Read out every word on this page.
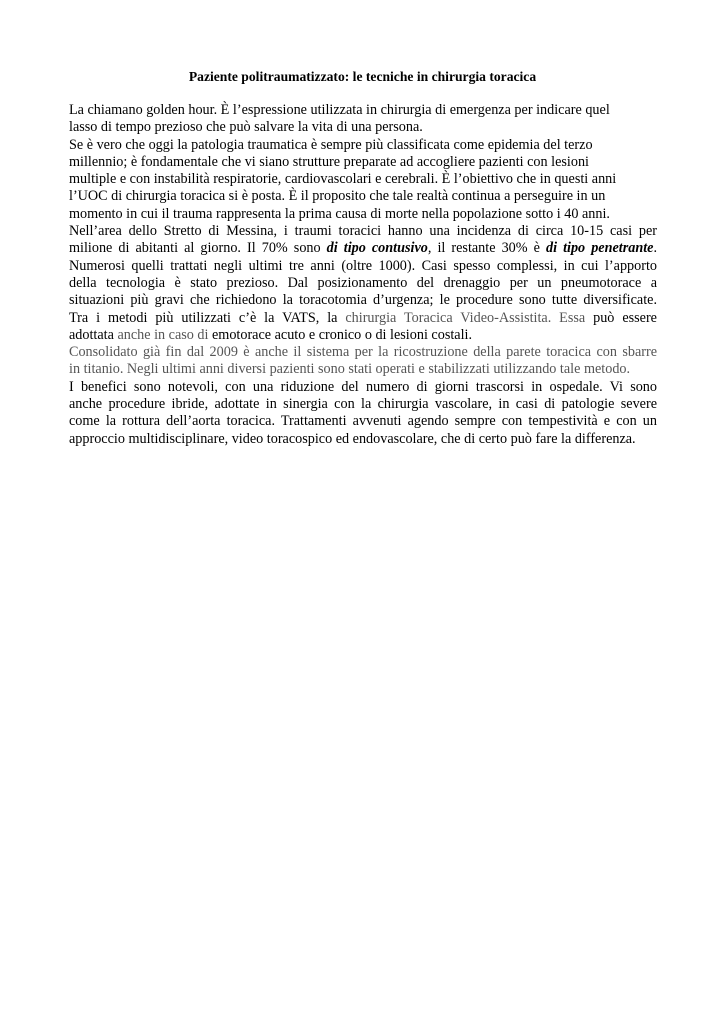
Paziente politraumatizzato: le tecniche in chirurgia toracica
La chiamano golden hour. È l’espressione utilizzata in chirurgia di emergenza per indicare quel
lasso di tempo prezioso che può salvare la vita di una persona.
Se è vero che oggi la patologia traumatica è sempre più classificata come epidemia del terzo
millennio; è fondamentale che vi siano strutture preparate ad accogliere pazienti con lesioni
multiple e con instabilità respiratorie, cardiovascolari e cerebrali. È l’obiettivo che in questi anni
l’UOC di chirurgia toracica si è posta. È il proposito che tale realtà continua a perseguire in un
momento in cui il trauma rappresenta la prima causa di morte nella popolazione sotto i 40 anni.
Nell’area dello Stretto di Messina, i traumi toracici hanno una incidenza di circa 10-15 casi per
milione di abitanti al giorno. Il 70% sono di tipo contusivo, il restante 30% è di tipo penetrante.
Numerosi quelli trattati negli ultimi tre anni (oltre 1000). Casi spesso complessi, in cui l’apporto
della tecnologia è stato prezioso. Dal posizionamento del drenaggio per un pneumotorace a
situazioni più gravi che richiedono la toracotomia d’urgenza; le procedure sono tutte diversificate.
Tra i metodi più utilizzati c’è la VATS, la chirurgia Toracica Video-Assistita. Essa può essere
adottata anche in caso di emotorace acuto e cronico o di lesioni costali.
Consolidato già fin dal 2009 è anche il sistema per la ricostruzione della parete toracica con sbarre
in titanio. Negli ultimi anni diversi pazienti sono stati operati e stabilizzati utilizzando tale metodo.
I benefici sono notevoli, con una riduzione del numero di giorni trascorsi in ospedale. Vi sono
anche procedure ibride, adottate in sinergia con la chirurgia vascolare, in casi di patologie severe
come la rottura dell’aorta toracica. Trattamenti avvenuti agendo sempre con tempestività e con un
approccio multidisciplinare, video toracospico ed endovascolare, che di certo può fare la differenza.
